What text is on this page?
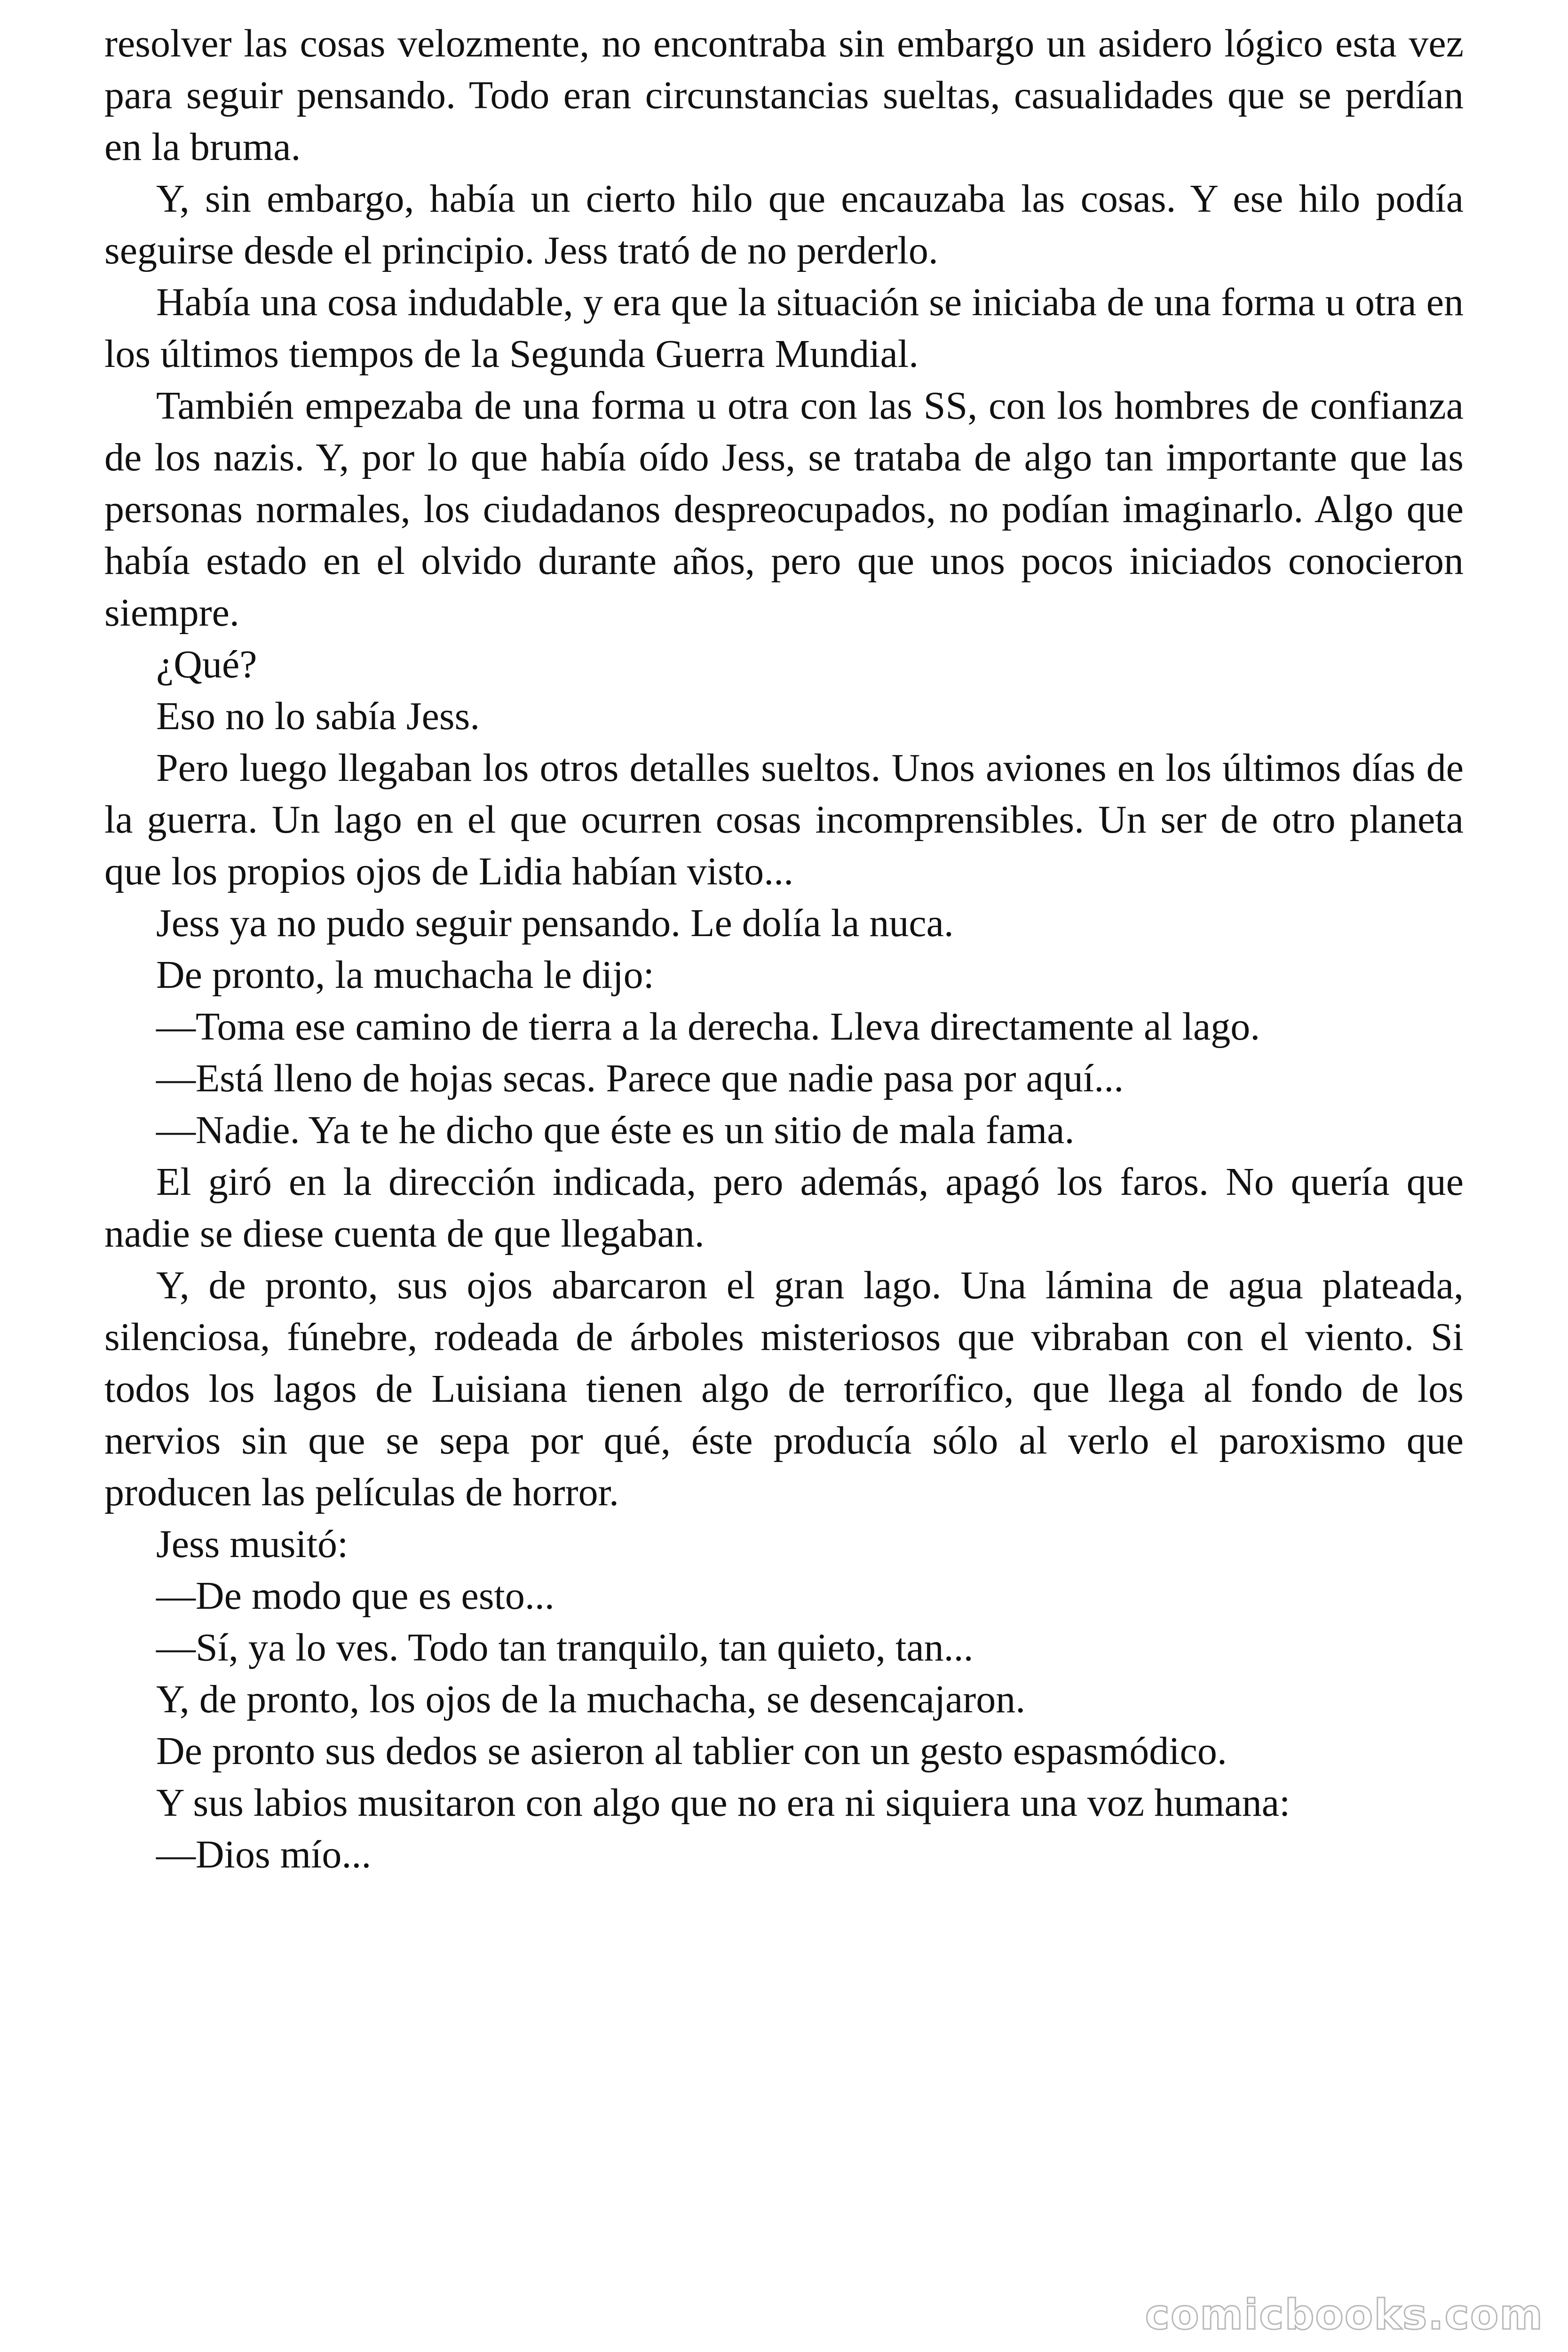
resolver las cosas velozmente, no encontraba sin embargo un asidero lógico esta vez para seguir pensando. Todo eran circunstancias sueltas, casualidades que se perdían en la bruma.

Y, sin embargo, había un cierto hilo que encauzaba las cosas. Y ese hilo podía seguirse desde el principio. Jess trató de no perderlo.

Había una cosa indudable, y era que la situación se iniciaba de una forma u otra en los últimos tiempos de la Segunda Guerra Mundial.

También empezaba de una forma u otra con las SS, con los hombres de confianza de los nazis. Y, por lo que había oído Jess, se trataba de algo tan importante que las personas normales, los ciudadanos despreocupados, no podían imaginarlo. Algo que había estado en el olvido durante años, pero que unos pocos iniciados conocieron siempre.

¿Qué?

Eso no lo sabía Jess.

Pero luego llegaban los otros detalles sueltos. Unos aviones en los últimos días de la guerra. Un lago en el que ocurren cosas incomprensibles. Un ser de otro planeta que los propios ojos de Lidia habían visto...

Jess ya no pudo seguir pensando. Le dolía la nuca.

De pronto, la muchacha le dijo:

—Toma ese camino de tierra a la derecha. Lleva directamente al lago.

—Está lleno de hojas secas. Parece que nadie pasa por aquí...

—Nadie. Ya te he dicho que éste es un sitio de mala fama.

El giró en la dirección indicada, pero además, apagó los faros. No quería que nadie se diese cuenta de que llegaban.

Y, de pronto, sus ojos abarcaron el gran lago. Una lámina de agua plateada, silenciosa, fúnebre, rodeada de árboles misteriosos que vibraban con el viento. Si todos los lagos de Luisiana tienen algo de terrorífico, que llega al fondo de los nervios sin que se sepa por qué, éste producía sólo al verlo el paroxismo que producen las películas de horror.

Jess musitó:

—De modo que es esto...

—Sí, ya lo ves. Todo tan tranquilo, tan quieto, tan...

Y, de pronto, los ojos de la muchacha, se desencajaron.

De pronto sus dedos se asieron al tablier con un gesto espasmódico.

Y sus labios musitaron con algo que no era ni siquiera una voz humana:

—Dios mío...

comicbooks.com
